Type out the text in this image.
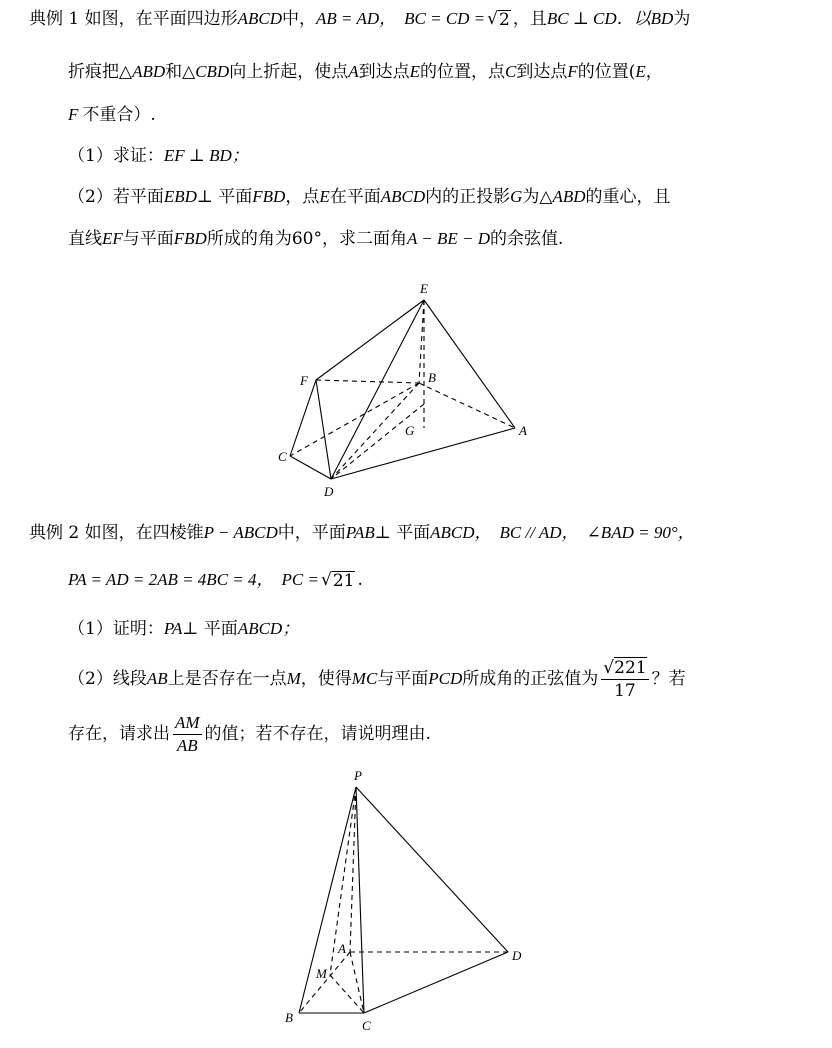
典例 1 如图，在平面四边形 ABCD 中， AB = AD， BC = CD = √ 2 ，且 BC ⊥ CD．以 BD 为
折痕把△ ABD 和△ CBD 向上折起，使点 A 到达点 E 的位置，点 C 到达点 F 的位置( E ，
F 不重合）.
（1）求证： EF ⊥ BD；
（2）若平面 EBD ⊥ 平面 FBD ，点 E 在平面 ABCD 内的正投影 G 为△ ABD 的重心，且
直线 EF 与平面 FBD 所成的角为60°，求二面角 A − BE − D 的余弦值.
E
F	B
G	A
C
D
典例 2 如图，在四棱锥 P − ABCD 中，平面 PAB ⊥ 平面 ABCD， BC // AD， ∠BAD = 90°，
PA = AD = 2AB = 4BC = 4， PC = √ 21 .
（1）证明： PA ⊥ 平面 ABCD；
（2）线段 AB 上是否存在一点 M ，使得 MC 与平面 PCD 所成角的正弦值为 $\frac{√221}{17}$ ？若
存在，请求出 $\frac{AM}{AB}$ 的值；若不存在，请说明理由.
P
A
M
D
B
C
